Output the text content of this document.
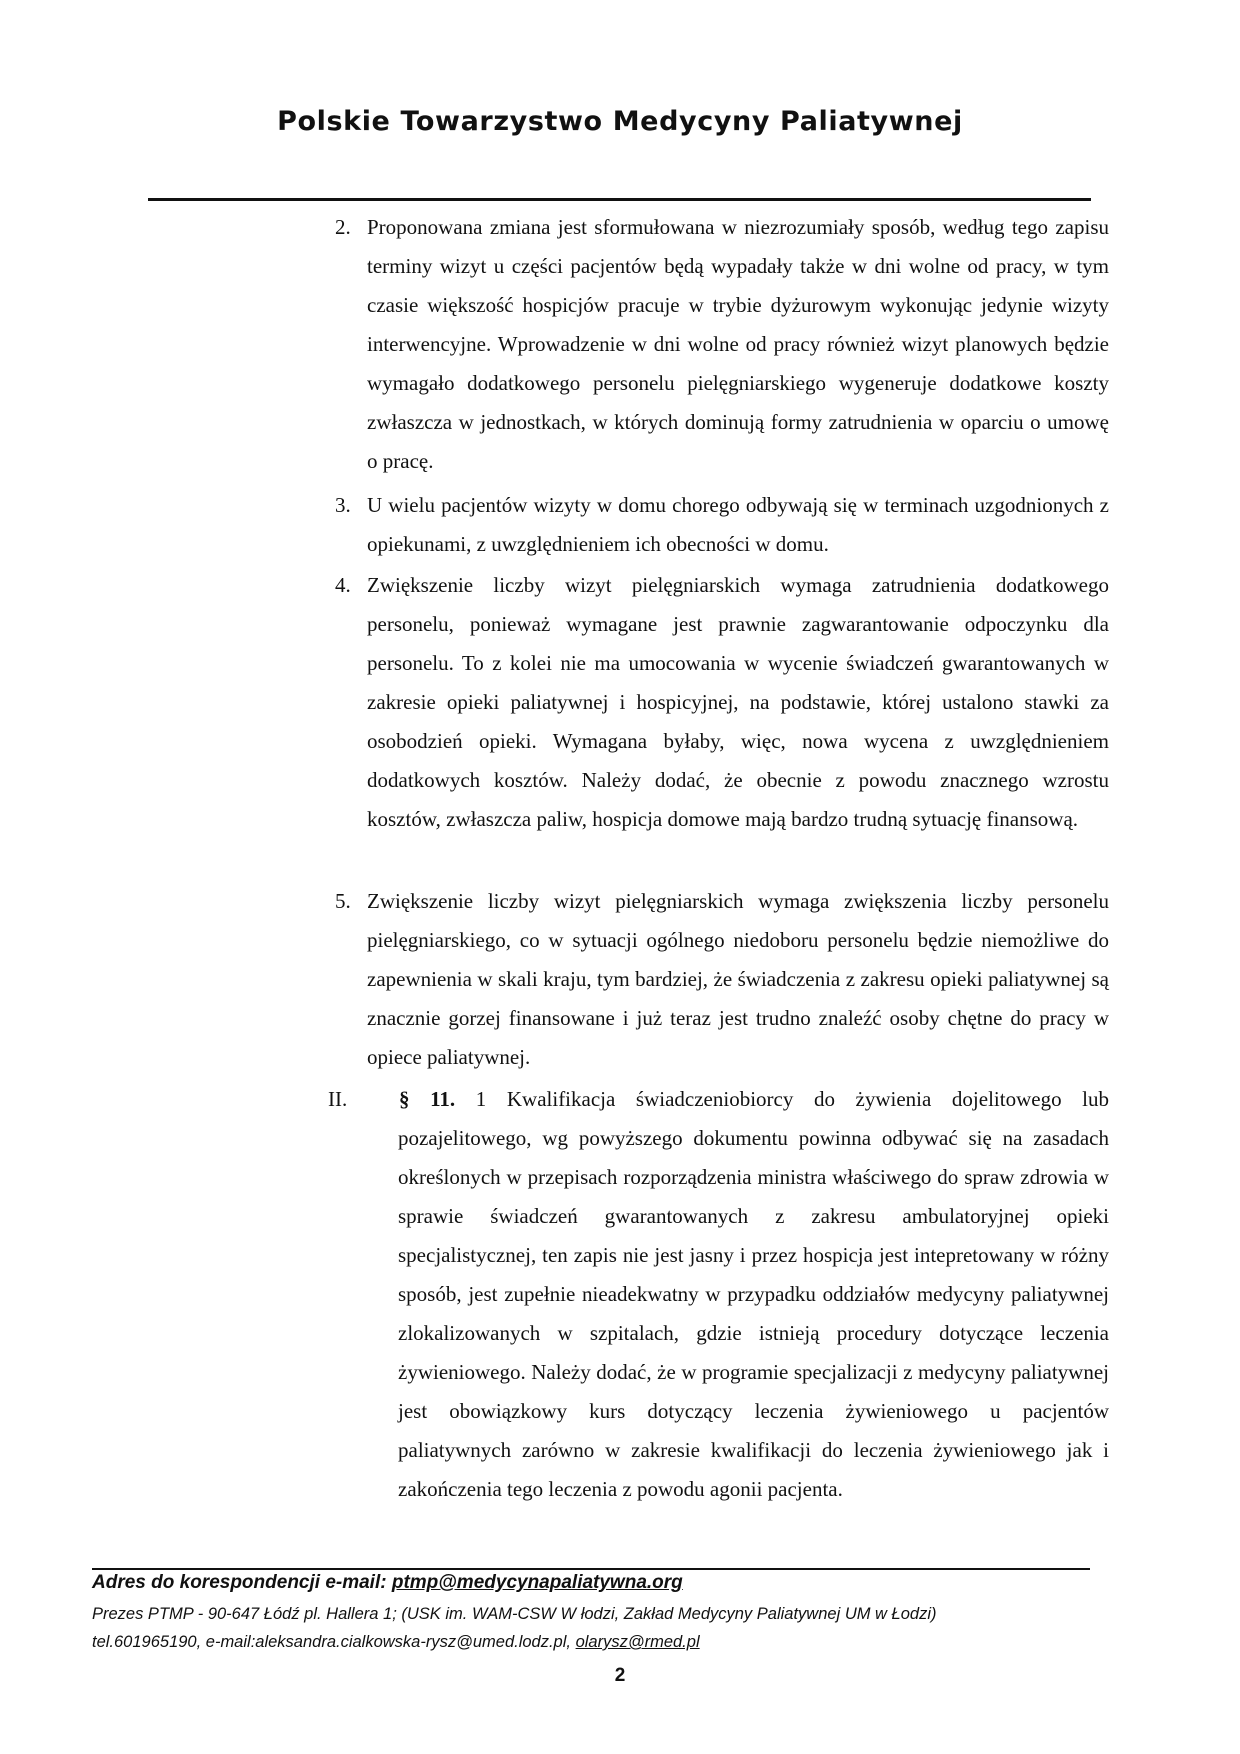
Polskie Towarzystwo Medycyny Paliatywnej
2. Proponowana zmiana jest sformułowana w niezrozumiały sposób, według tego zapisu terminy wizyt u części pacjentów będą wypadały także w dni wolne od pracy, w tym czasie większość hospicjów pracuje w trybie dyżurowym wykonując jedynie wizyty interwencyjne. Wprowadzenie w dni wolne od pracy również wizyt planowych będzie wymagało dodatkowego personelu pielęgniarskiego wygeneruje dodatkowe koszty zwłaszcza w jednostkach, w których dominują formy zatrudnienia w oparciu o umowę o pracę.
3. U wielu pacjentów wizyty w domu chorego odbywają się w terminach uzgodnionych z opiekunami, z uwzględnieniem ich obecności w domu.
4. Zwiększenie liczby wizyt pielęgniarskich wymaga zatrudnienia dodatkowego personelu, ponieważ wymagane jest prawnie zagwarantowanie odpoczynku dla personelu. To z kolei nie ma umocowania w wycenie świadczeń gwarantowanych w zakresie opieki paliatywnej i hospicyjnej, na podstawie, której ustalono stawki za osobodzień opieki. Wymagana byłaby, więc, nowa wycena z uwzględnieniem dodatkowych kosztów. Należy dodać, że obecnie z powodu znacznego wzrostu kosztów, zwłaszcza paliw, hospicja domowe mają bardzo trudną sytuację finansową.
5. Zwiększenie liczby wizyt pielęgniarskich wymaga zwiększenia liczby personelu pielęgniarskiego, co w sytuacji ogólnego niedoboru personelu będzie niemożliwe do zapewnienia w skali kraju, tym bardziej, że świadczenia z zakresu opieki paliatywnej są znacznie gorzej finansowane i już teraz jest trudno znaleźć osoby chętne do pracy w opiece paliatywnej.
II. § 11. 1 Kwalifikacja świadczeniobiorcy do żywienia dojelitowego lub pozajelitowego, wg powyższego dokumentu powinna odbywać się na zasadach określonych w przepisach rozporządzenia ministra właściwego do spraw zdrowia w sprawie świadczeń gwarantowanych z zakresu ambulatoryjnej opieki specjalistycznej, ten zapis nie jest jasny i przez hospicja jest intepretowany w różny sposób, jest zupełnie nieadekwatny w przypadku oddziałów medycyny paliatywnej zlokalizowanych w szpitalach, gdzie istnieją procedury dotyczące leczenia żywieniowego. Należy dodać, że w programie specjalizacji z medycyny paliatywnej jest obowiązkowy kurs dotyczący leczenia żywieniowego u pacjentów paliatywnych zarówno w zakresie kwalifikacji do leczenia żywieniowego jak i zakończenia tego leczenia z powodu agonii pacjenta.
Adres do korespondencji e-mail: ptmp@medycynapaliatywna.org
Prezes PTMP - 90-647 Łódź pl. Hallera 1; (USK im. WAM-CSW W łodzi, Zakład Medycyny Paliatywnej UM w Łodzi)
tel.601965190, e-mail:aleksandra.cialkowska-rysz@umed.lodz.pl, olarysz@rmed.pl
2
